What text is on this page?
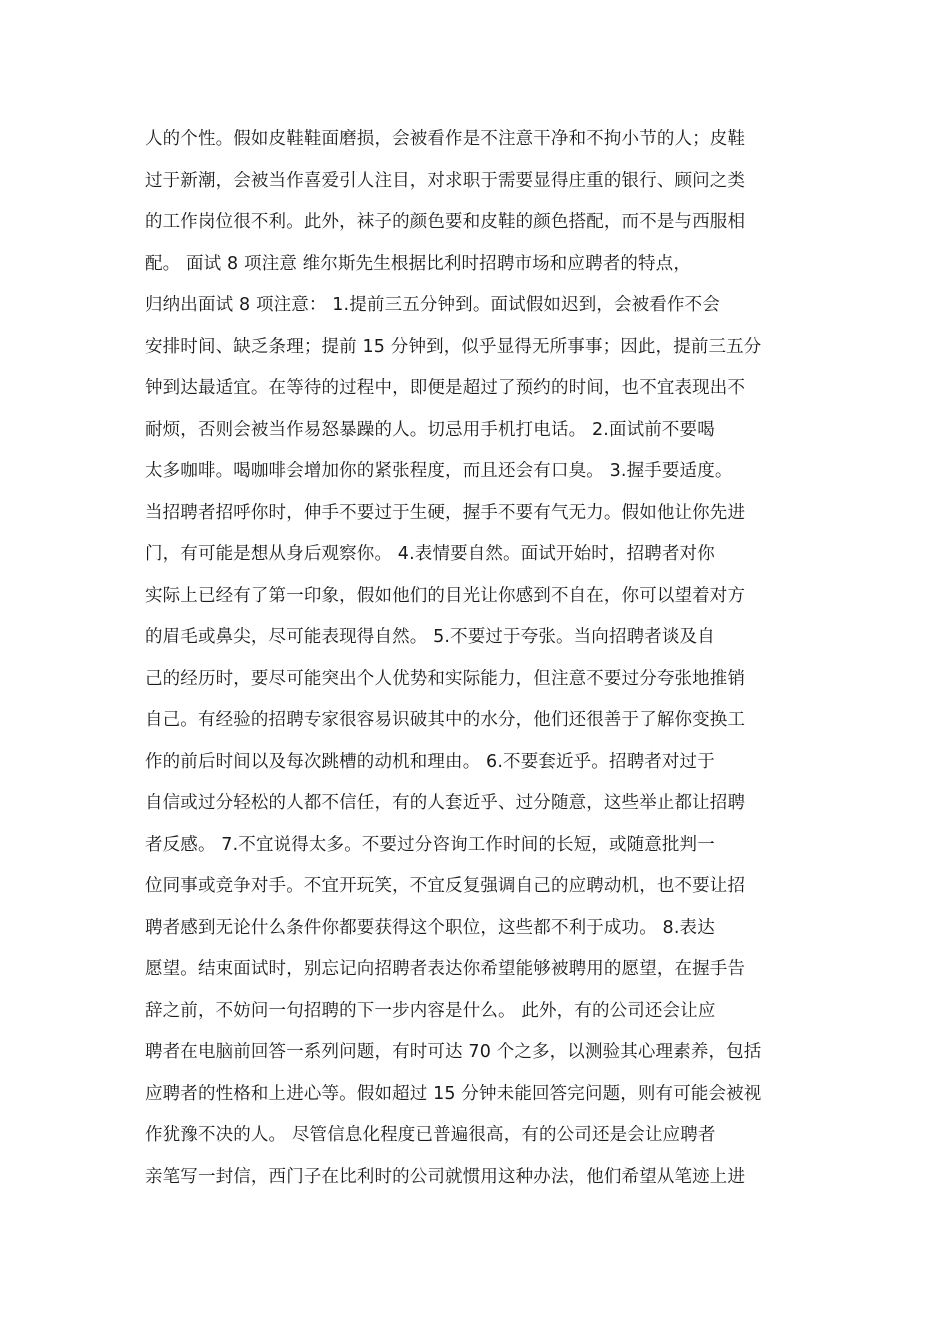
人的个性。假如皮鞋鞋面磨损，会被看作是不注意干净和不拘小节的人；皮鞋
过于新潮，会被当作喜爱引人注目，对求职于需要显得庄重的银行、顾问之类
的工作岗位很不利。此外，袜子的颜色要和皮鞋的颜色搭配，而不是与西服相
配。 面试 8 项注意 维尔斯先生根据比利时招聘市场和应聘者的特点，
归纳出面试 8 项注意： 1.提前三五分钟到。面试假如迟到，会被看作不会
安排时间、缺乏条理；提前 15 分钟到，似乎显得无所事事；因此，提前三五分
钟到达最适宜。在等待的过程中，即便是超过了预约的时间，也不宜表现出不
耐烦，否则会被当作易怒暴躁的人。切忌用手机打电话。 2.面试前不要喝
太多咖啡。喝咖啡会增加你的紧张程度，而且还会有口臭。 3.握手要适度。
当招聘者招呼你时，伸手不要过于生硬，握手不要有气无力。假如他让你先进
门，有可能是想从身后观察你。 4.表情要自然。面试开始时，招聘者对你
实际上已经有了第一印象，假如他们的目光让你感到不自在，你可以望着对方
的眉毛或鼻尖，尽可能表现得自然。 5.不要过于夸张。当向招聘者谈及自
己的经历时，要尽可能突出个人优势和实际能力，但注意不要过分夸张地推销
自己。有经验的招聘专家很容易识破其中的水分，他们还很善于了解你变换工
作的前后时间以及每次跳槽的动机和理由。 6.不要套近乎。招聘者对过于
自信或过分轻松的人都不信任，有的人套近乎、过分随意，这些举止都让招聘
者反感。 7.不宜说得太多。不要过分咨询工作时间的长短，或随意批判一
位同事或竞争对手。不宜开玩笑，不宜反复强调自己的应聘动机，也不要让招
聘者感到无论什么条件你都要获得这个职位，这些都不利于成功。 8.表达
愿望。结束面试时，别忘记向招聘者表达你希望能够被聘用的愿望，在握手告
辞之前，不妨问一句招聘的下一步内容是什么。 此外，有的公司还会让应
聘者在电脑前回答一系列问题，有时可达 70 个之多，以测验其心理素养，包括
应聘者的性格和上进心等。假如超过 15 分钟未能回答完问题，则有可能会被视
作犹豫不决的人。 尽管信息化程度已普遍很高，有的公司还是会让应聘者
亲笔写一封信，西门子在比利时的公司就惯用这种办法，他们希望从笔迹上进
